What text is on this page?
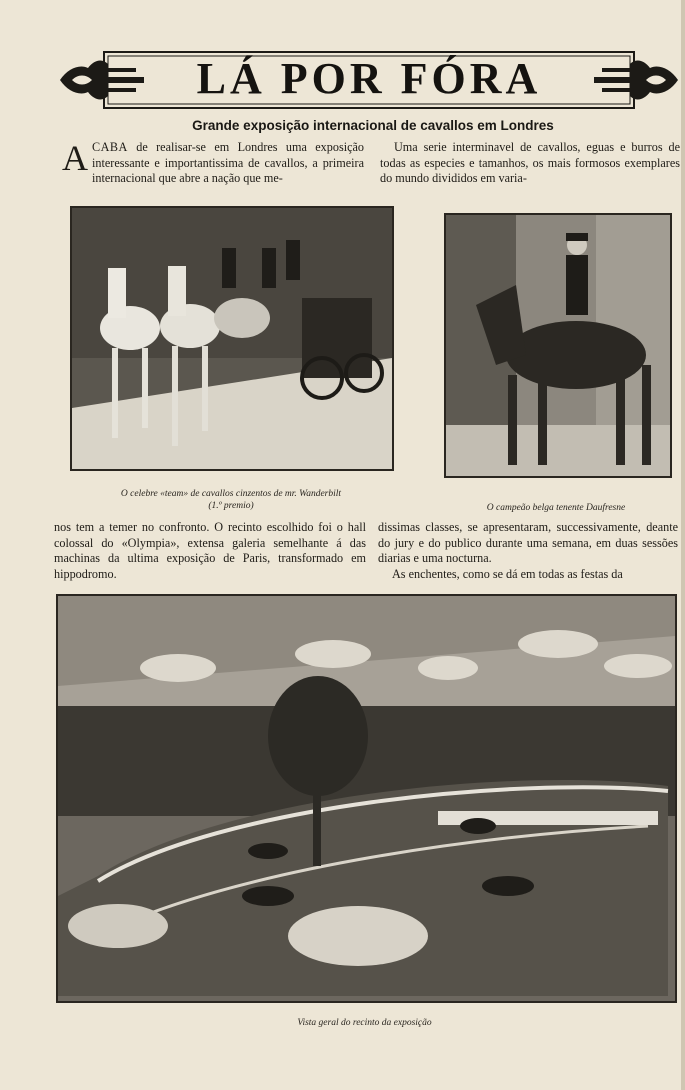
LÁ POR FÓRA
Grande exposição internacional de cavallos em Londres

ACABA de realisar-se em Londres uma exposição interessante e importantissima de cavallos, a primeira internacional que abre a nação que me-

Uma serie interminavel de cavallos, eguas e burros de todas as especies e tamanhos, os mais formosos exemplares do mundo divididos em varia-

O celebre «team» de cavallos cinzentos de mr. Wanderbilt
(1.º premio)	O campeão belga tenente Daufresne

nos tem a temer no confronto. O recinto escolhido foi o hall colossal do «Olympia», extensa galeria semelhante á das machinas da ultima exposição de Paris, transformado em hippodromo.

dissimas classes, se apresentaram, successivamente, deante do jury e do publico durante uma semana, em duas sessões diarias e uma nocturna.

As enchentes, como se dá em todas as festas da

Vista geral do recinto da exposição
